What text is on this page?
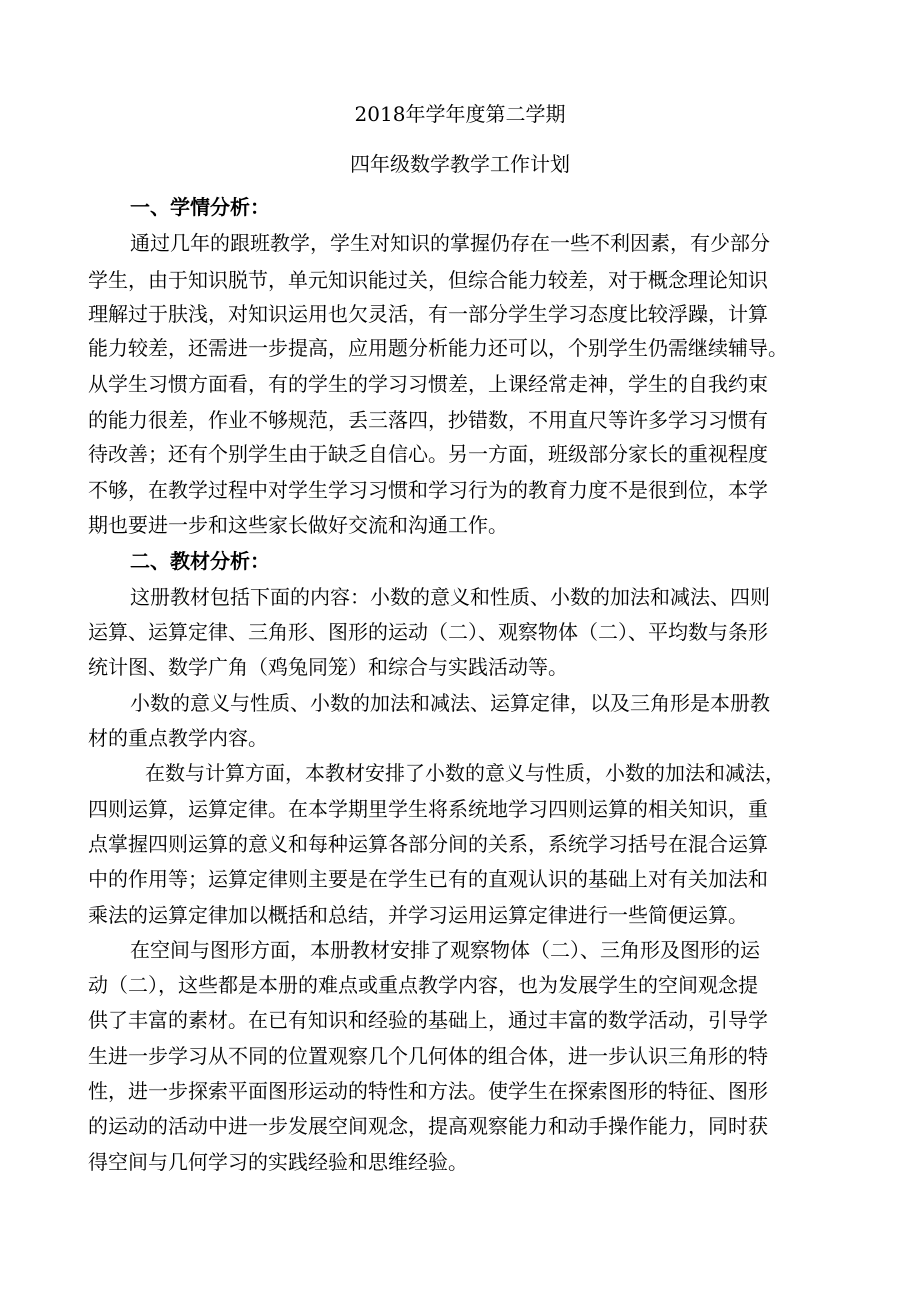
2018年学年度第二学期
四年级数学教学工作计划
一、学情分析：
通过几年的跟班教学，学生对知识的掌握仍存在一些不利因素，有少部分
学生，由于知识脱节，单元知识能过关，但综合能力较差，对于概念理论知识
理解过于肤浅，对知识运用也欠灵活，有一部分学生学习态度比较浮躁，计算
能力较差，还需进一步提高，应用题分析能力还可以，个别学生仍需继续辅导。
从学生习惯方面看，有的学生的学习习惯差，上课经常走神，学生的自我约束
的能力很差，作业不够规范，丢三落四，抄错数，不用直尺等许多学习习惯有
待改善；还有个别学生由于缺乏自信心。另一方面，班级部分家长的重视程度
不够，在教学过程中对学生学习习惯和学习行为的教育力度不是很到位，本学
期也要进一步和这些家长做好交流和沟通工作。
二、教材分析：
这册教材包括下面的内容：小数的意义和性质、小数的加法和减法、四则
运算、运算定律、三角形、图形的运动（二）、观察物体（二）、平均数与条形
统计图、数学广角（鸡兔同笼）和综合与实践活动等。
小数的意义与性质、小数的加法和减法、运算定律，以及三角形是本册教
材的重点教学内容。
在数与计算方面，本教材安排了小数的意义与性质，小数的加法和减法，
四则运算，运算定律。在本学期里学生将系统地学习四则运算的相关知识，重
点掌握四则运算的意义和每种运算各部分间的关系，系统学习括号在混合运算
中的作用等；运算定律则主要是在学生已有的直观认识的基础上对有关加法和
乘法的运算定律加以概括和总结，并学习运用运算定律进行一些简便运算。
在空间与图形方面，本册教材安排了观察物体（二）、三角形及图形的运
动（二），这些都是本册的难点或重点教学内容，也为发展学生的空间观念提
供了丰富的素材。在已有知识和经验的基础上，通过丰富的数学活动，引导学
生进一步学习从不同的位置观察几个几何体的组合体，进一步认识三角形的特
性，进一步探索平面图形运动的特性和方法。使学生在探索图形的特征、图形
的运动的活动中进一步发展空间观念，提高观察能力和动手操作能力，同时获
得空间与几何学习的实践经验和思维经验。
